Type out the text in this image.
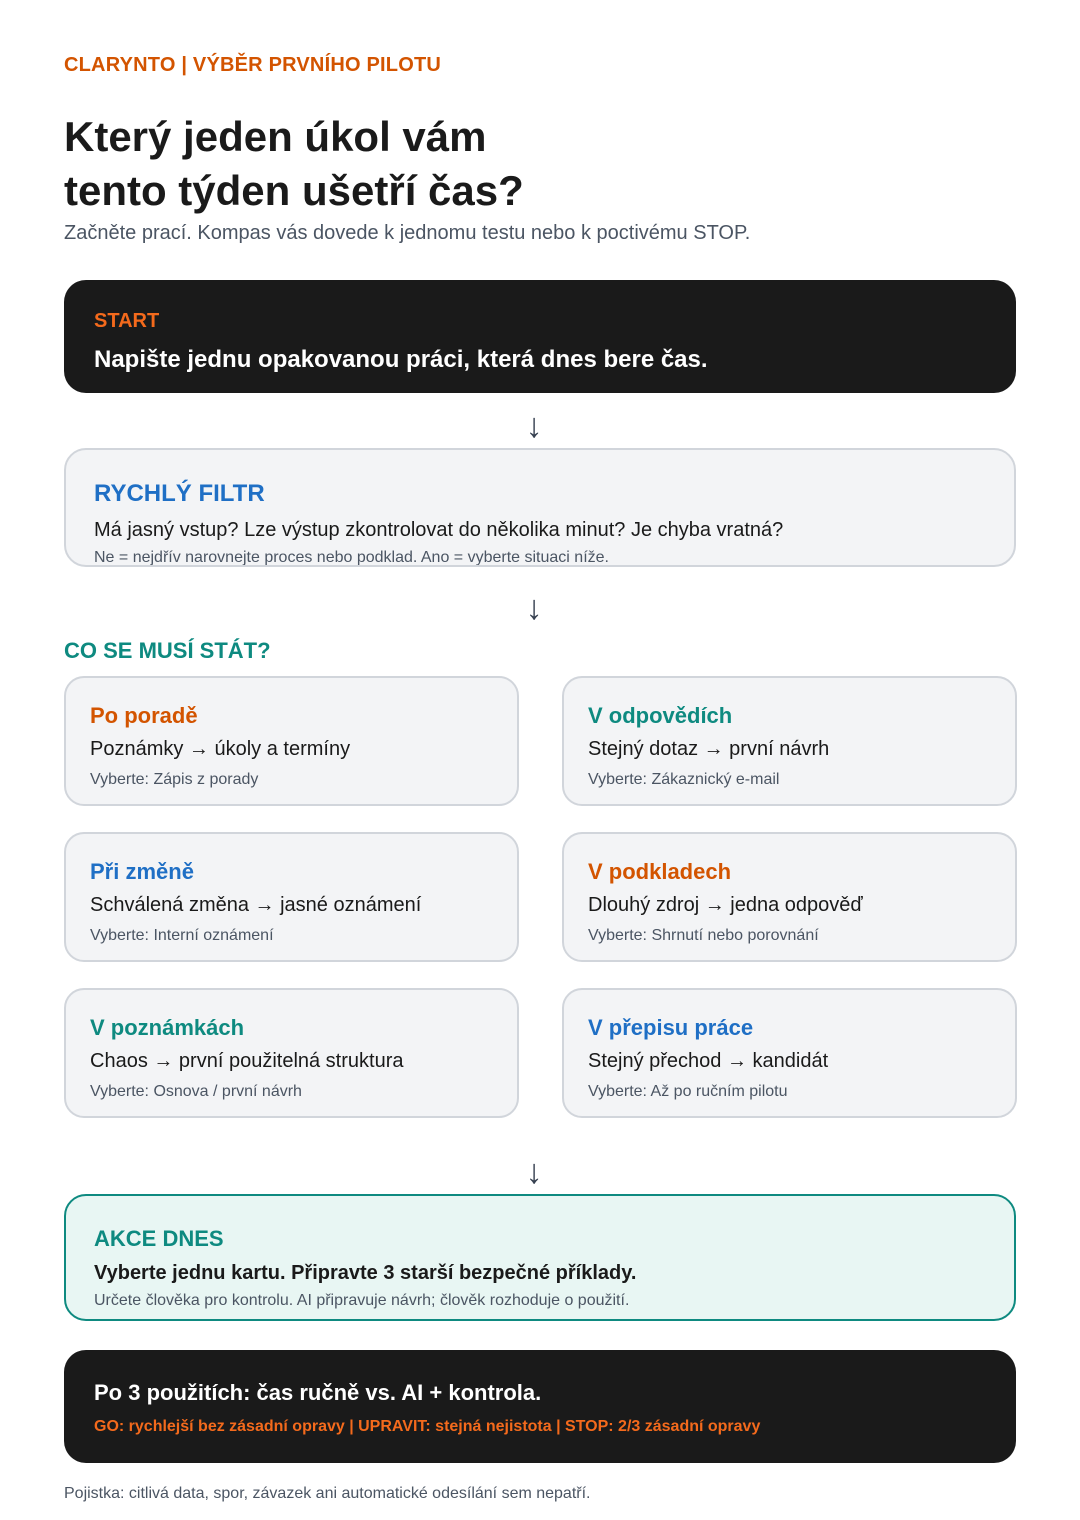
CLARYNTO | VÝBĚR PRVNÍHO PILOTU
Který jeden úkol vám
tento týden ušetří čas?
Začněte prací. Kompas vás dovede k jednomu testu nebo k poctivému STOP.
START
Napište jednu opakovanou práci, která dnes bere čas.
↓
RYCHLÝ FILTR
Má jasný vstup? Lze výstup zkontrolovat do několika minut? Je chyba vratná?
Ne = nejdřív narovnejte proces nebo podklad. Ano = vyberte situaci níže.
↓
CO SE MUSÍ STÁT?
Po poradě
Poznámky → úkoly a termíny
Vyberte: Zápis z porady
V odpovědích
Stejný dotaz → první návrh
Vyberte: Zákaznický e-mail
Při změně
Schválená změna → jasné oznámení
Vyberte: Interní oznámení
V podkladech
Dlouhý zdroj → jedna odpověď
Vyberte: Shrnutí nebo porovnání
V poznámkách
Chaos → první použitelná struktura
Vyberte: Osnova / první návrh
V přepisu práce
Stejný přechod → kandidát
Vyberte: Až po ručním pilotu
↓
AKCE DNES
Vyberte jednu kartu. Připravte 3 starší bezpečné příklady.
Určete člověka pro kontrolu. AI připravuje návrh; člověk rozhoduje o použití.
Po 3 použitích: čas ručně vs. AI + kontrola.
GO: rychlejší bez zásadní opravy | UPRAVIT: stejná nejistota | STOP: 2/3 zásadní opravy
Pojistka: citlivá data, spor, závazek ani automatické odesílání sem nepatří.
